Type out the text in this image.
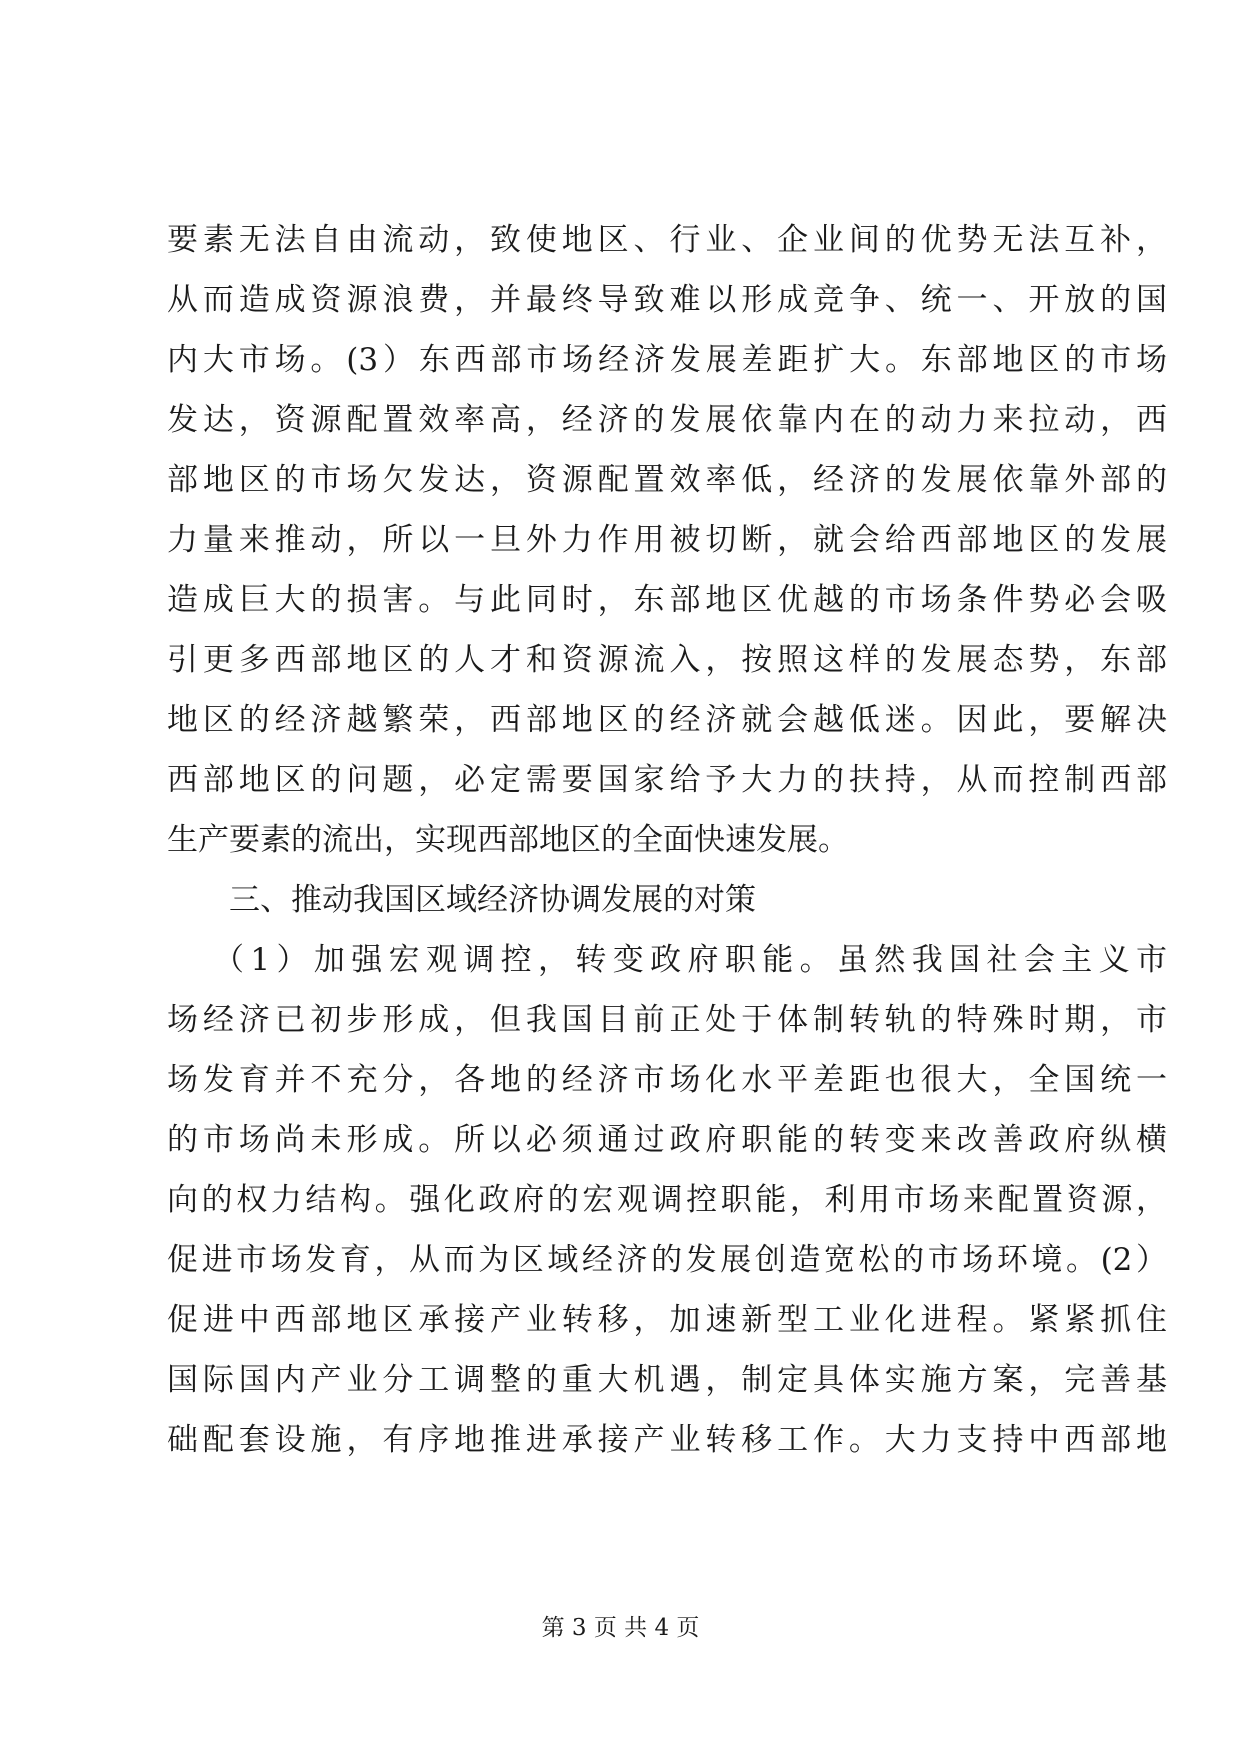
要素无法自由流动，致使地区、行业、企业间的优势无法互补，
从而造成资源浪费，并最终导致难以形成竞争、统一、开放的国
内大市场。(3）东西部市场经济发展差距扩大。东部地区的市场
发达，资源配置效率高，经济的发展依靠内在的动力来拉动，西
部地区的市场欠发达，资源配置效率低，经济的发展依靠外部的
力量来推动，所以一旦外力作用被切断，就会给西部地区的发展
造成巨大的损害。与此同时，东部地区优越的市场条件势必会吸
引更多西部地区的人才和资源流入，按照这样的发展态势，东部
地区的经济越繁荣，西部地区的经济就会越低迷。因此，要解决
西部地区的问题，必定需要国家给予大力的扶持，从而控制西部
生产要素的流出，实现西部地区的全面快速发展。
三、推动我国区域经济协调发展的对策
（1）加强宏观调控，转变政府职能。虽然我国社会主义市
场经济已初步形成，但我国目前正处于体制转轨的特殊时期，市
场发育并不充分，各地的经济市场化水平差距也很大，全国统一
的市场尚未形成。所以必须通过政府职能的转变来改善政府纵横
向的权力结构。强化政府的宏观调控职能，利用市场来配置资源，
促进市场发育，从而为区域经济的发展创造宽松的市场环境。(2）
促进中西部地区承接产业转移，加速新型工业化进程。紧紧抓住
国际国内产业分工调整的重大机遇，制定具体实施方案，完善基
础配套设施，有序地推进承接产业转移工作。大力支持中西部地
第 3 页 共 4 页
